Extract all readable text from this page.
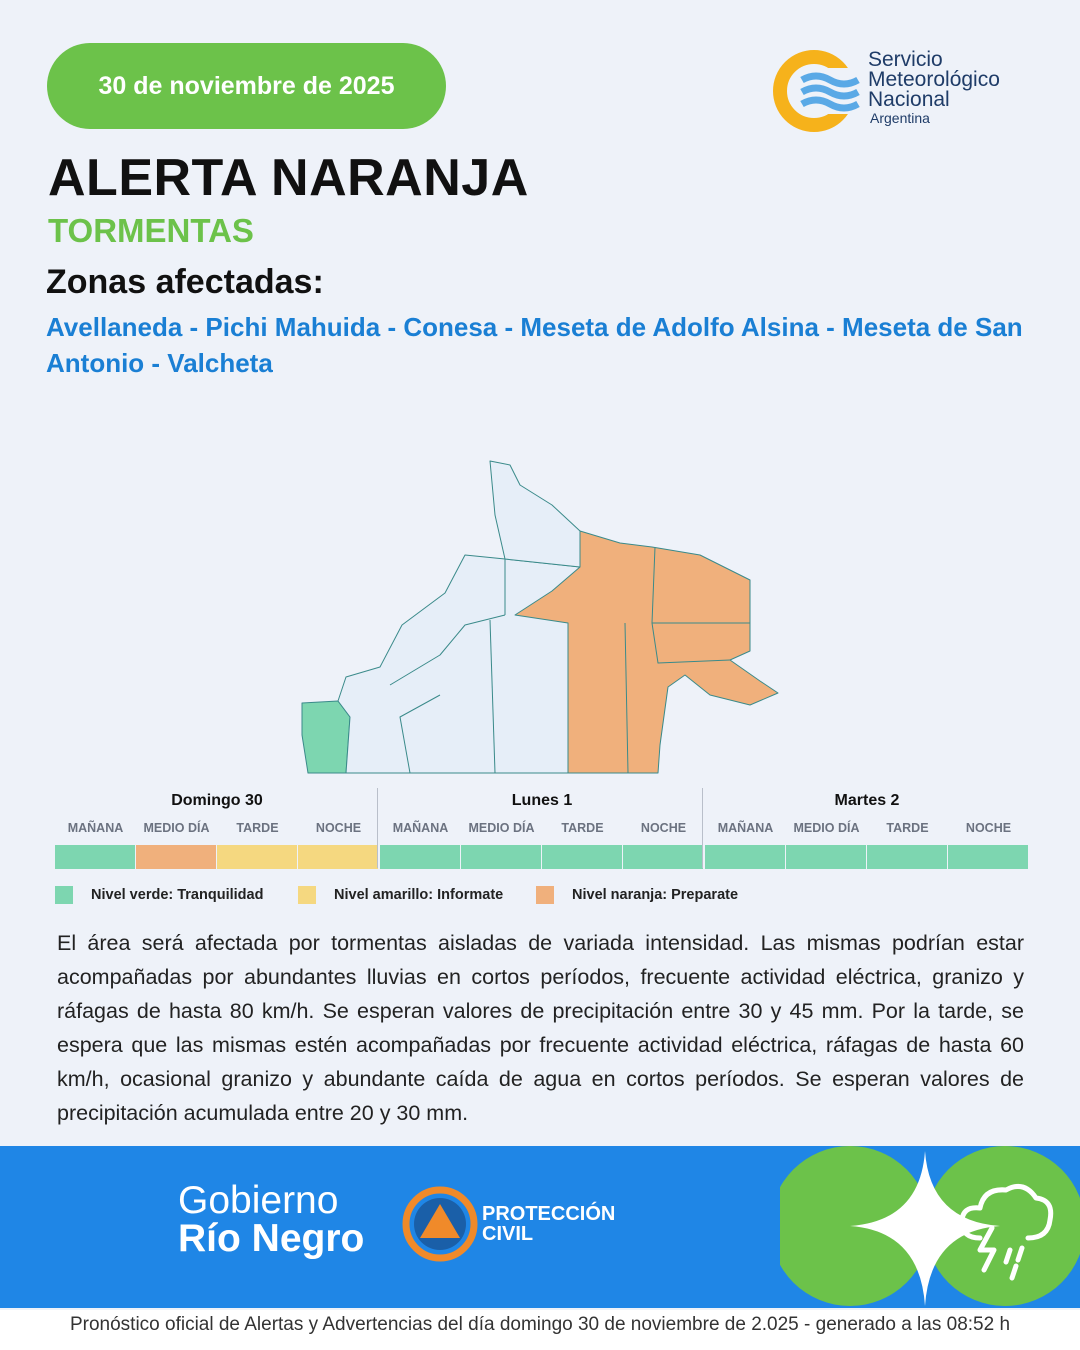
30 de noviembre de 2025
Servicio
Meteorológico
Nacional
Argentina
ALERTA NARANJA
TORMENTAS
Zonas afectadas:
Avellaneda - Pichi Mahuida - Conesa - Meseta de Adolfo Alsina - Meseta de San Antonio - Valcheta
Domingo 30
MAÑANA	MEDIO DÍA	TARDE	NOCHE
Lunes 1
MAÑANA	MEDIO DÍA	TARDE	NOCHE
Martes 2
MAÑANA	MEDIO DÍA	TARDE	NOCHE
Nivel verde: Tranquilidad	Nivel amarillo: Informate	Nivel naranja: Preparate
El área será afectada por tormentas aisladas de variada intensidad. Las mismas podrían estar acompañadas por abundantes lluvias en cortos períodos, frecuente actividad eléctrica, granizo y ráfagas de hasta 80 km/h. Se esperan valores de precipitación entre 30 y 45 mm. Por la tarde, se espera que las mismas estén acompañadas por frecuente actividad eléctrica, ráfagas de hasta 60 km/h, ocasional granizo y abundante caída de agua en cortos períodos. Se esperan valores de precipitación acumulada entre 20 y 30 mm.
Gobierno
Río Negro
PROTECCIÓN
CIVIL
Pronóstico oficial de Alertas y Advertencias del día domingo 30 de noviembre de 2.025 - generado a las 08:52 h
